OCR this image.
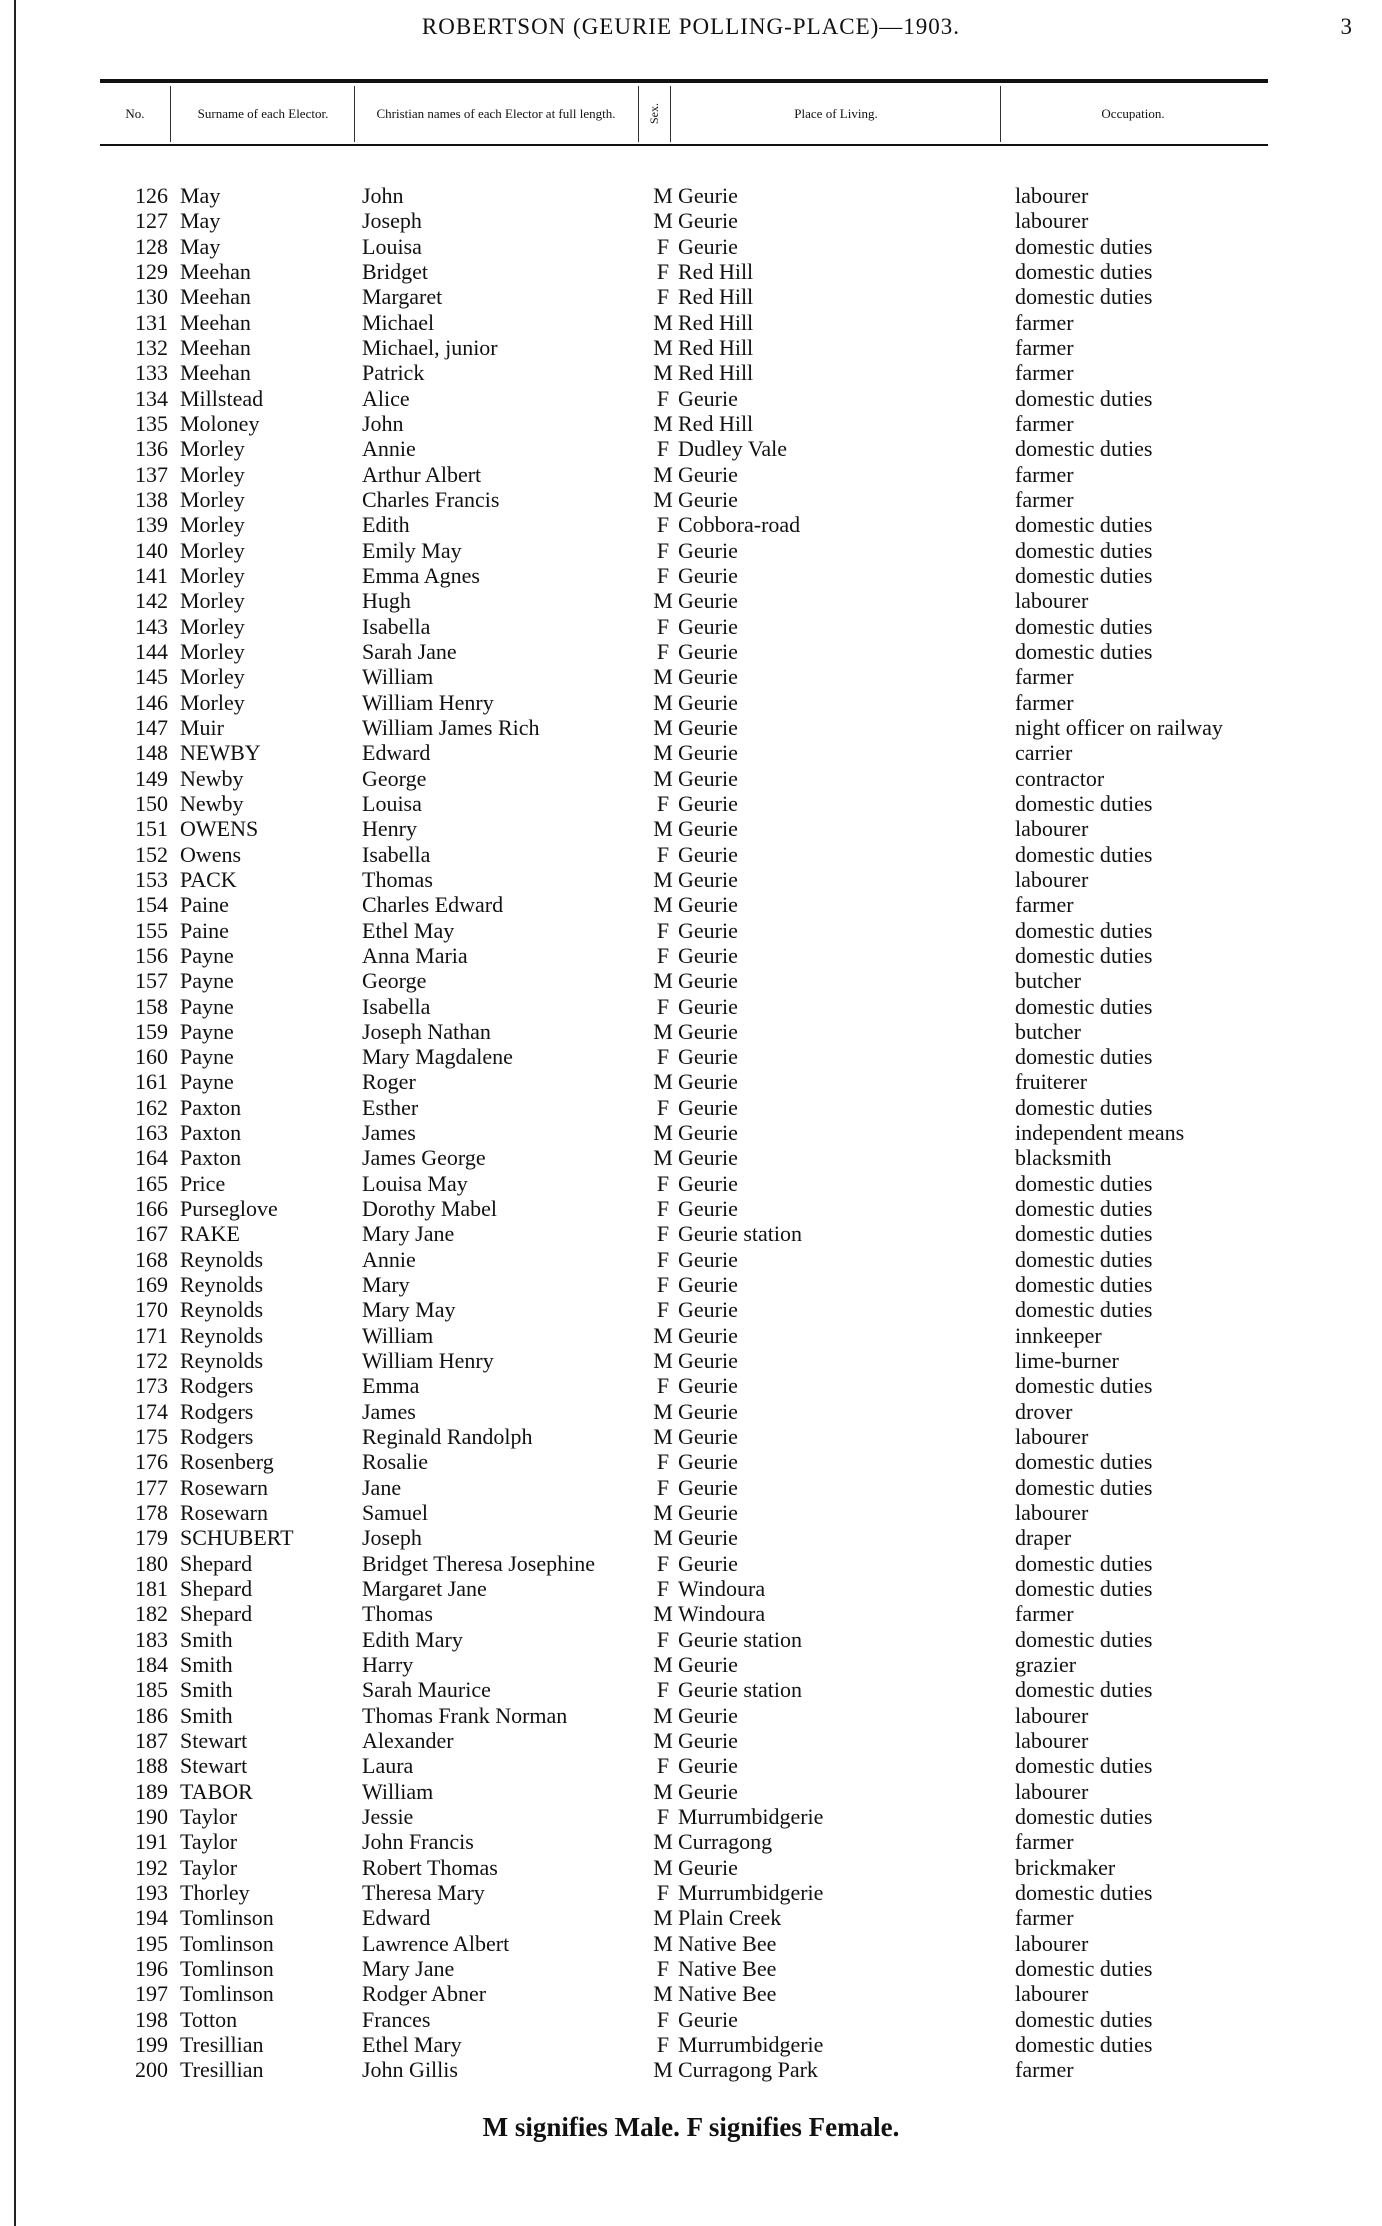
ROBERTSON (GEURIE POLLING-PLACE)—1903.	3
No.	Surname of each Elector.	Christian names of each Elector at full length.	Sex.	Place of Living.	Occupation.
126 May	John	M Geurie	labourer
127 May	Joseph	M Geurie	labourer
128 May	Louisa	F Geurie	domestic duties
129 Meehan	Bridget	F Red Hill	domestic duties
130 Meehan	Margaret	F Red Hill	domestic duties
131 Meehan	Michael	M Red Hill	farmer
132 Meehan	Michael, junior	M Red Hill	farmer
133 Meehan	Patrick	M Red Hill	farmer
134 Millstead	Alice	F Geurie	domestic duties
135 Moloney	John	M Red Hill	farmer
136 Morley	Annie	F Dudley Vale	domestic duties
137 Morley	Arthur Albert	M Geurie	farmer
138 Morley	Charles Francis	M Geurie	farmer
139 Morley	Edith	F Cobbora-road	domestic duties
140 Morley	Emily May	F Geurie	domestic duties
141 Morley	Emma Agnes	F Geurie	domestic duties
142 Morley	Hugh	M Geurie	labourer
143 Morley	Isabella	F Geurie	domestic duties
144 Morley	Sarah Jane	F Geurie	domestic duties
145 Morley	William	M Geurie	farmer
146 Morley	William Henry	M Geurie	farmer
147 Muir	William James Rich	M Geurie	night officer on railway
148 NEWBY	Edward	M Geurie	carrier
149 Newby	George	M Geurie	contractor
150 Newby	Louisa	F Geurie	domestic duties
151 OWENS	Henry	M Geurie	labourer
152 Owens	Isabella	F Geurie	domestic duties
153 PACK	Thomas	M Geurie	labourer
154 Paine	Charles Edward	M Geurie	farmer
155 Paine	Ethel May	F Geurie	domestic duties
156 Payne	Anna Maria	F Geurie	domestic duties
157 Payne	George	M Geurie	butcher
158 Payne	Isabella	F Geurie	domestic duties
159 Payne	Joseph Nathan	M Geurie	butcher
160 Payne	Mary Magdalene	F Geurie	domestic duties
161 Payne	Roger	M Geurie	fruiterer
162 Paxton	Esther	F Geurie	domestic duties
163 Paxton	James	M Geurie	independent means
164 Paxton	James George	M Geurie	blacksmith
165 Price	Louisa May	F Geurie	domestic duties
166 Purseglove	Dorothy Mabel	F Geurie	domestic duties
167 RAKE	Mary Jane	F Geurie station	domestic duties
168 Reynolds	Annie	F Geurie	domestic duties
169 Reynolds	Mary	F Geurie	domestic duties
170 Reynolds	Mary May	F Geurie	domestic duties
171 Reynolds	William	M Geurie	innkeeper
172 Reynolds	William Henry	M Geurie	lime-burner
173 Rodgers	Emma	F Geurie	domestic duties
174 Rodgers	James	M Geurie	drover
175 Rodgers	Reginald Randolph	M Geurie	labourer
176 Rosenberg	Rosalie	F Geurie	domestic duties
177 Rosewarn	Jane	F Geurie	domestic duties
178 Rosewarn	Samuel	M Geurie	labourer
179 SCHUBERT	Joseph	M Geurie	draper
180 Shepard	Bridget Theresa Josephine	F Geurie	domestic duties
181 Shepard	Margaret Jane	F Windoura	domestic duties
182 Shepard	Thomas	M Windoura	farmer
183 Smith	Edith Mary	F Geurie station	domestic duties
184 Smith	Harry	M Geurie	grazier
185 Smith	Sarah Maurice	F Geurie station	domestic duties
186 Smith	Thomas Frank Norman	M Geurie	labourer
187 Stewart	Alexander	M Geurie	labourer
188 Stewart	Laura	F Geurie	domestic duties
189 TABOR	William	M Geurie	labourer
190 Taylor	Jessie	F Murrumbidgerie	domestic duties
191 Taylor	John Francis	M Curragong	farmer
192 Taylor	Robert Thomas	M Geurie	brickmaker
193 Thorley	Theresa Mary	F Murrumbidgerie	domestic duties
194 Tomlinson	Edward	M Plain Creek	farmer
195 Tomlinson	Lawrence Albert	M Native Bee	labourer
196 Tomlinson	Mary Jane	F Native Bee	domestic duties
197 Tomlinson	Rodger Abner	M Native Bee	labourer
198 Totton	Frances	F Geurie	domestic duties
199 Tresillian	Ethel Mary	F Murrumbidgerie	domestic duties
200 Tresillian	John Gillis	M Curragong Park	farmer
M signifies Male. F signifies Female.
